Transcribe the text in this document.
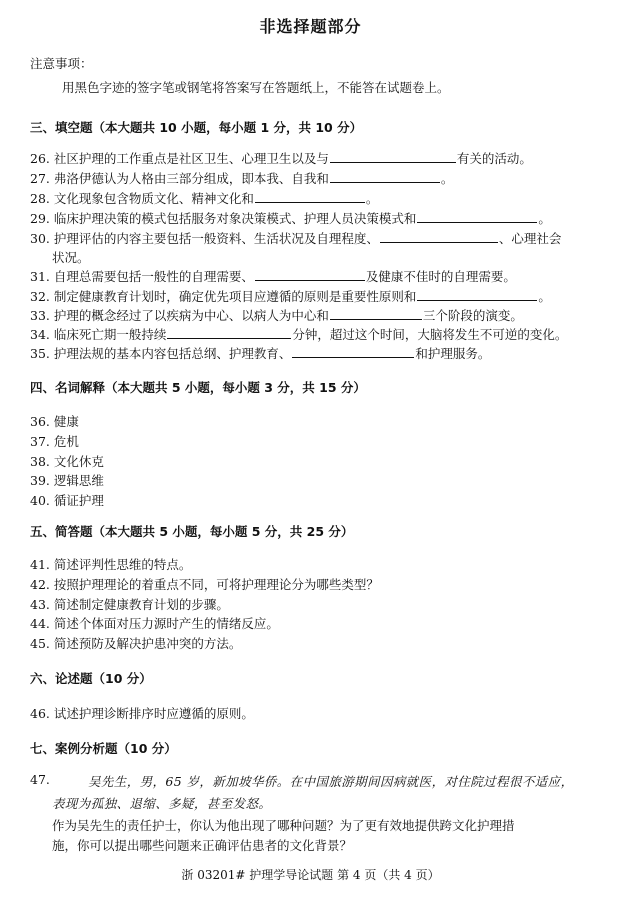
非选择题部分
注意事项：
用黑色字迹的签字笔或钢笔将答案写在答题纸上，不能答在试题卷上。
三、填空题（本大题共 10 小题，每小题 1 分，共 10 分）
26. 社区护理的工作重点是社区卫生、心理卫生以及与	有关的活动。
27. 弗洛伊德认为人格由三部分组成，即本我、自我和	。
28. 文化现象包含物质文化、精神文化和	。
29. 临床护理决策的模式包括服务对象决策模式、护理人员决策模式和	。
30. 护理评估的内容主要包括一般资料、生活状况及自理程度、	、心理社会
状况。
31. 自理总需要包括一般性的自理需要、	及健康不佳时的自理需要。
32. 制定健康教育计划时，确定优先项目应遵循的原则是重要性原则和	。
33. 护理的概念经过了以疾病为中心、以病人为中心和	三个阶段的演变。
34. 临床死亡期一般持续	分钟，超过这个时间，大脑将发生不可逆的变化。
35. 护理法规的基本内容包括总纲、护理教育、	和护理服务。
四、名词解释（本大题共 5 小题，每小题 3 分，共 15 分）
36. 健康
37. 危机
38. 文化休克
39. 逻辑思维
40. 循证护理
五、简答题（本大题共 5 小题，每小题 5 分，共 25 分）
41. 简述评判性思维的特点。
42. 按照护理理论的着重点不同，可将护理理论分为哪些类型？
43. 简述制定健康教育计划的步骤。
44. 简述个体面对压力源时产生的情绪反应。
45. 简述预防及解决护患冲突的方法。
六、论述题（10 分）
46. 试述护理诊断排序时应遵循的原则。
七、案例分析题（10 分）
47.	吴先生，男，65 岁，新加坡华侨。在中国旅游期间因病就医，对住院过程很不适应，
表现为孤独、退缩、多疑，甚至发怒。
作为吴先生的责任护士，你认为他出现了哪种问题？为了更有效地提供跨文化护理措
施，你可以提出哪些问题来正确评估患者的文化背景？
浙 03201# 护理学导论试题 第 4 页（共 4 页）
